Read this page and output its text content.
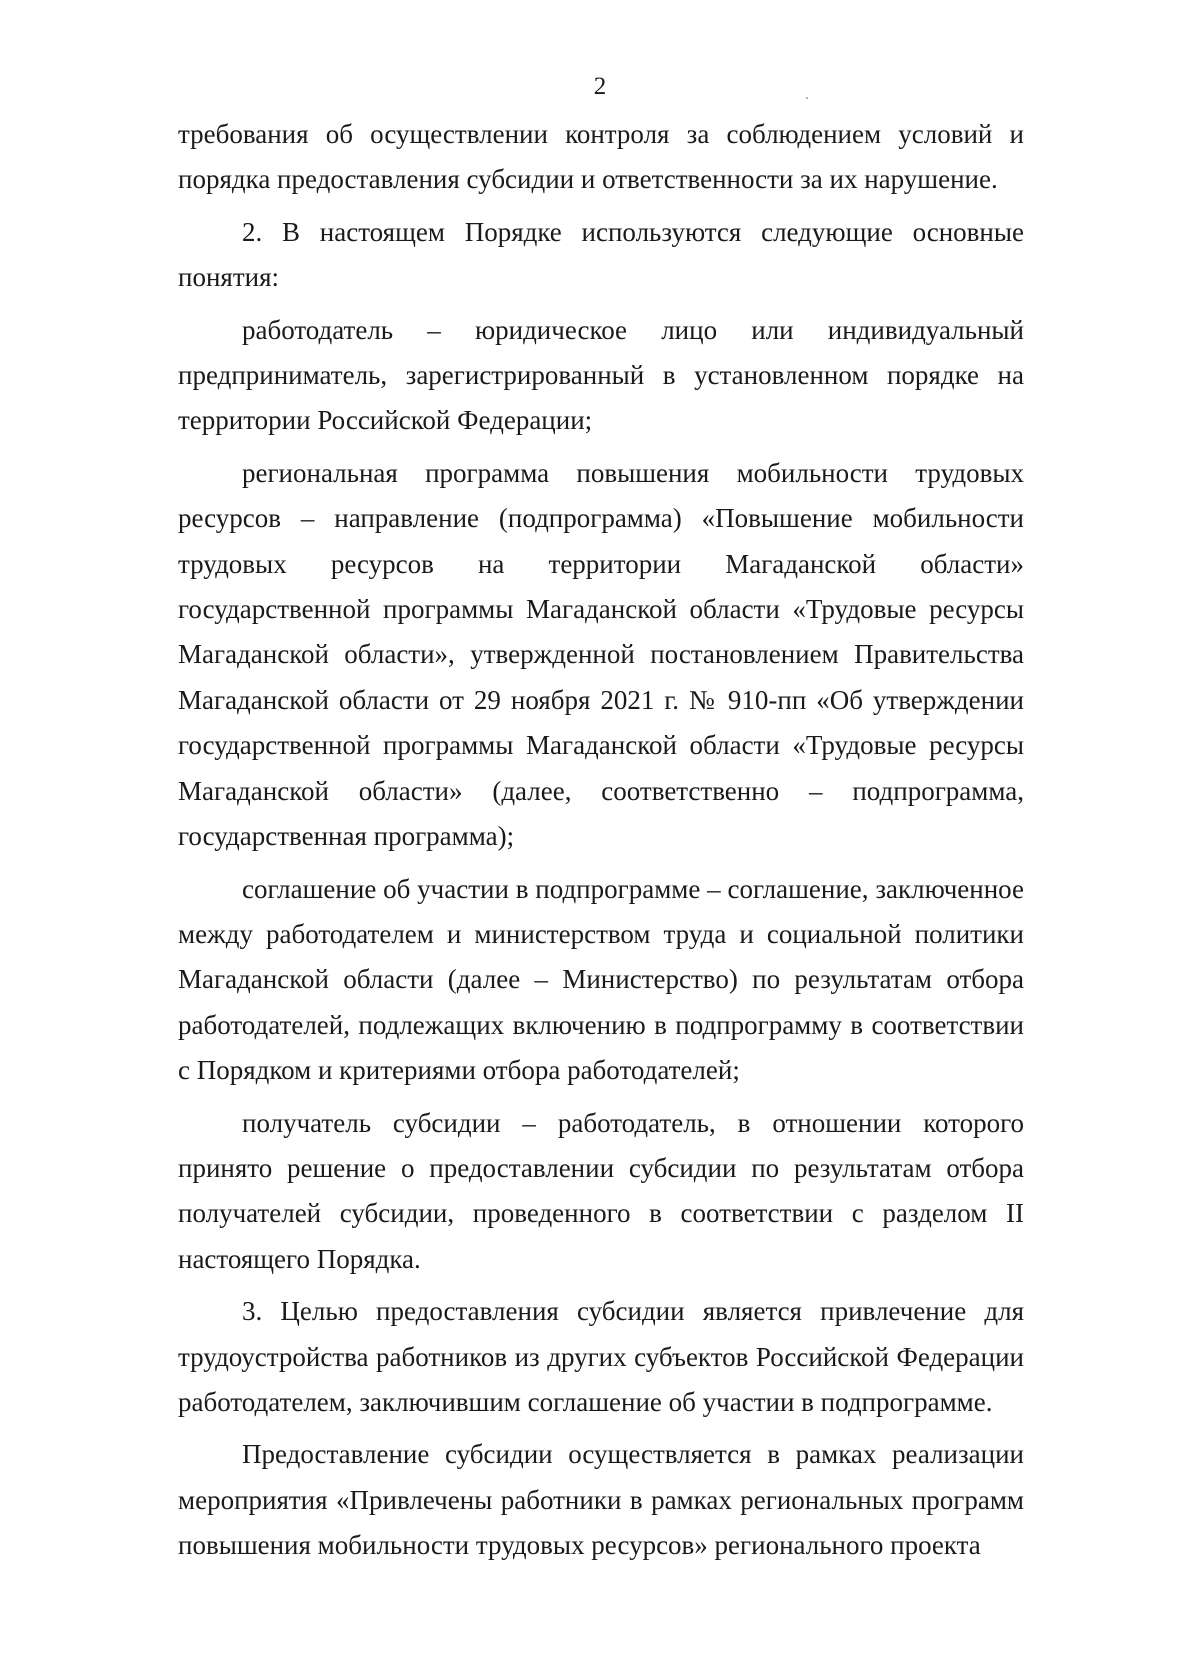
2

требования об осуществлении контроля за соблюдением условий и порядка предоставления субсидии и ответственности за их нарушение.

2. В настоящем Порядке используются следующие основные понятия:

работодатель – юридическое лицо или индивидуальный предприниматель, зарегистрированный в установленном порядке на территории Российской Федерации;

региональная программа повышения мобильности трудовых ресурсов – направление (подпрограмма) «Повышение мобильности трудовых ресурсов на территории Магаданской области» государственной программы Магаданской области «Трудовые ресурсы Магаданской области», утвержденной постановлением Правительства Магаданской области от 29 ноября 2021 г. № 910-пп «Об утверждении государственной программы Магаданской области «Трудовые ресурсы Магаданской области» (далее, соответственно – подпрограмма, государственная программа);

соглашение об участии в подпрограмме – соглашение, заключенное между работодателем и министерством труда и социальной политики Магаданской области (далее – Министерство) по результатам отбора работодателей, подлежащих включению в подпрограмму в соответствии с Порядком и критериями отбора работодателей;

получатель субсидии – работодатель, в отношении которого принято решение о предоставлении субсидии по результатам отбора получателей субсидии, проведенного в соответствии с разделом II настоящего Порядка.

3. Целью предоставления субсидии является привлечение для трудоустройства работников из других субъектов Российской Федерации работодателем, заключившим соглашение об участии в подпрограмме.

Предоставление субсидии осуществляется в рамках реализации мероприятия «Привлечены работники в рамках региональных программ повышения мобильности трудовых ресурсов» регионального проекта
